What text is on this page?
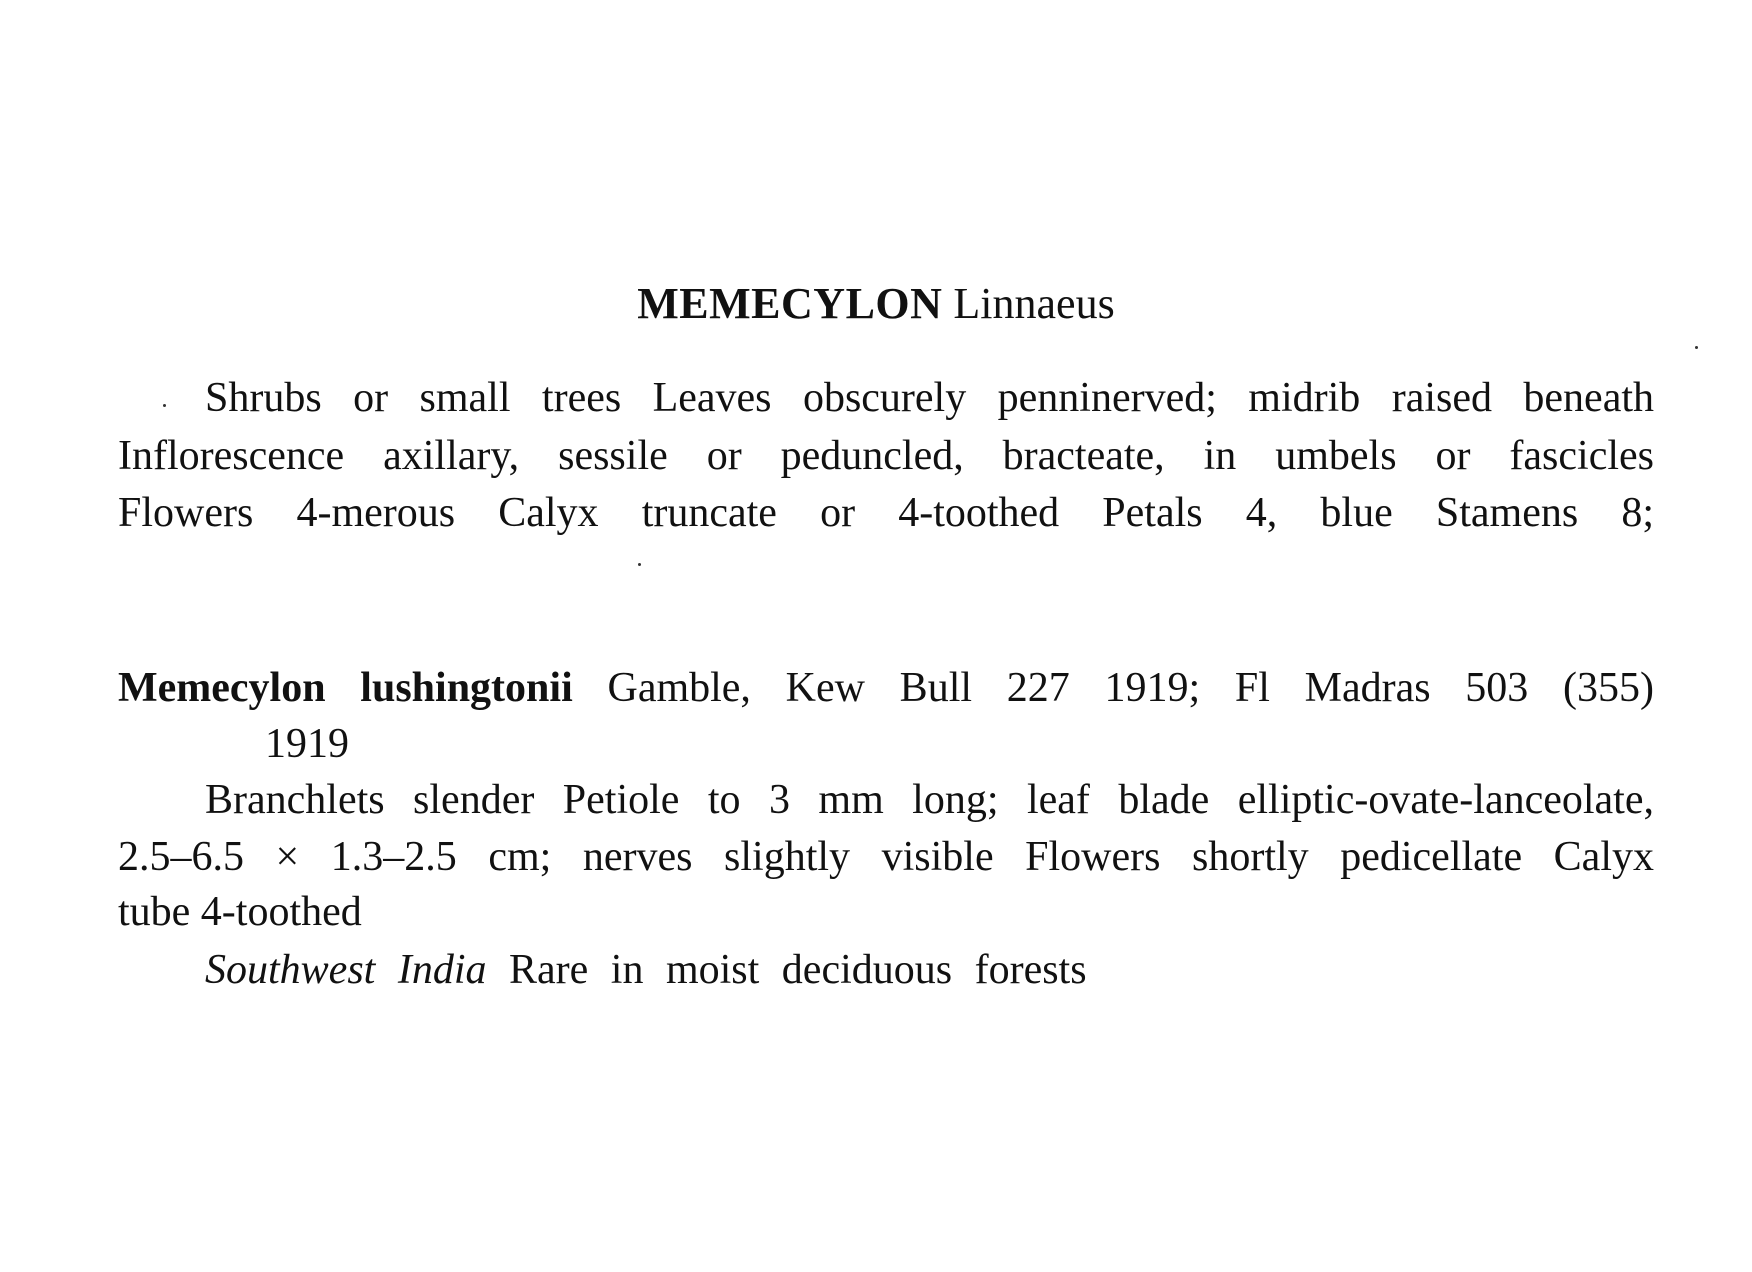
MEMECYLON Linnaeus
Shrubs or small trees Leaves obscurely penninerved; midrib raised beneath
Inflorescence axillary, sessile or peduncled, bracteate, in umbels or fascicles
Flowers 4-merous Calyx truncate or 4-toothed Petals 4, blue Stamens 8;
Memecylon lushingtonii Gamble, Kew Bull 227 1919; Fl Madras 503 (355)
1919
Branchlets slender Petiole to 3 mm long; leaf blade elliptic-ovate-lanceolate,
2.5–6.5 × 1.3–2.5 cm; nerves slightly visible Flowers shortly pedicellate Calyx
tube 4-toothed
Southwest India Rare in moist deciduous forests
